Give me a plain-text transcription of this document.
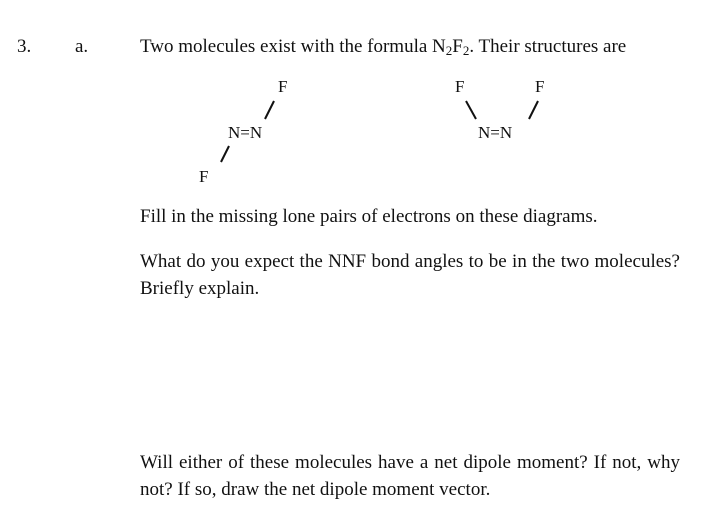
3. a.	Two molecules exist with the formula $N_2F_2$. Their structures are
F
N=N
F
F	F
N=N
Fill in the missing lone pairs of electrons on these diagrams.
What do you expect the NNF bond angles to be in the two molecules? Briefly explain.
Will either of these molecules have a net dipole moment? If not, why not? If so, draw the net dipole moment vector.
